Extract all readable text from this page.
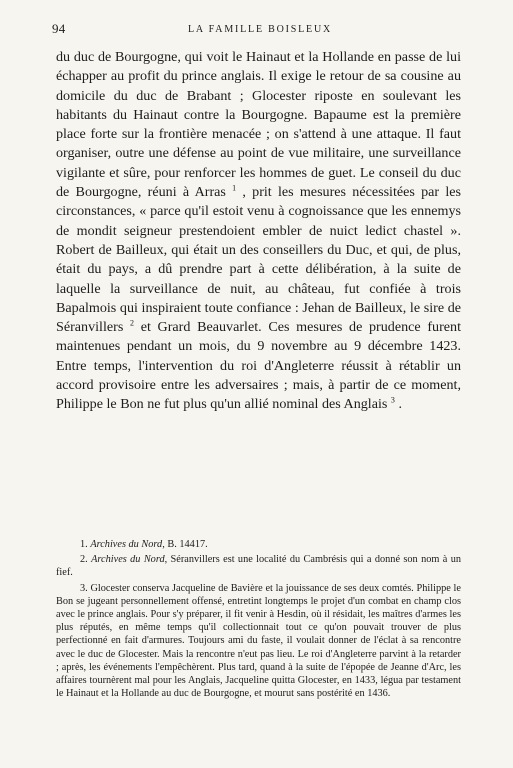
94	LA FAMILLE BOISLEUX

du duc de Bourgogne, qui voit le Hainaut et la Hollande en passe de lui échapper au profit du prince anglais. Il exige le retour de sa cousine au domicile du duc de Brabant ; Glocester riposte en soulevant les habitants du Hainaut contre la Bourgogne. Bapaume est la première place forte sur la frontière menacée ; on s'attend à une attaque. Il faut organiser, outre une défense au point de vue militaire, une surveillance vigilante et sûre, pour renforcer les hommes de guet. Le conseil du duc de Bourgogne, réuni à Arras $^1$ , prit les mesures nécessitées par les circonstances, « parce qu'il estoit venu à cognoissance que les ennemys de mondit seigneur prestendoient embler de nuict ledict chastel ». Robert de Bailleux, qui était un des conseillers du Duc, et qui, de plus, était du pays, a dû prendre part à cette délibération, à la suite de laquelle la surveillance de nuit, au château, fut confiée à trois Bapalmois qui inspiraient toute confiance : Jehan de Bailleux, le sire de Séranvillers $^2$ et Grard Beauvarlet. Ces mesures de prudence furent maintenues pendant un mois, du 9 novembre au 9 décembre 1423. Entre temps, l'intervention du roi d'Angleterre réussit à rétablir un accord provisoire entre les adversaires ; mais, à partir de ce moment, Philippe le Bon ne fut plus qu'un allié nominal des Anglais $^3$ .

1. Archives du Nord, B. 14417.

2. Archives du Nord, Séranvillers est une localité du Cambrésis qui a donné son nom à un fief.

3. Glocester conserva Jacqueline de Bavière et la jouissance de ses deux comtés. Philippe le Bon se jugeant personnellement offensé, entretint longtemps le projet d'un combat en champ clos avec le prince anglais. Pour s'y préparer, il fit venir à Hesdin, où il résidait, les maîtres d'armes les plus réputés, en même temps qu'il collectionnait tout ce qu'on pouvait trouver de plus perfectionné en fait d'armures. Toujours ami du faste, il voulait donner de l'éclat à sa rencontre avec le duc de Glocester. Mais la rencontre n'eut pas lieu. Le roi d'Angleterre parvint à la retarder ; après, les événements l'empêchèrent. Plus tard, quand à la suite de l'épopée de Jeanne d'Arc, les affaires tournèrent mal pour les Anglais, Jacqueline quitta Glocester, en 1433, légua par testament le Hainaut et la Hollande au duc de Bourgogne, et mourut sans postérité en 1436.
